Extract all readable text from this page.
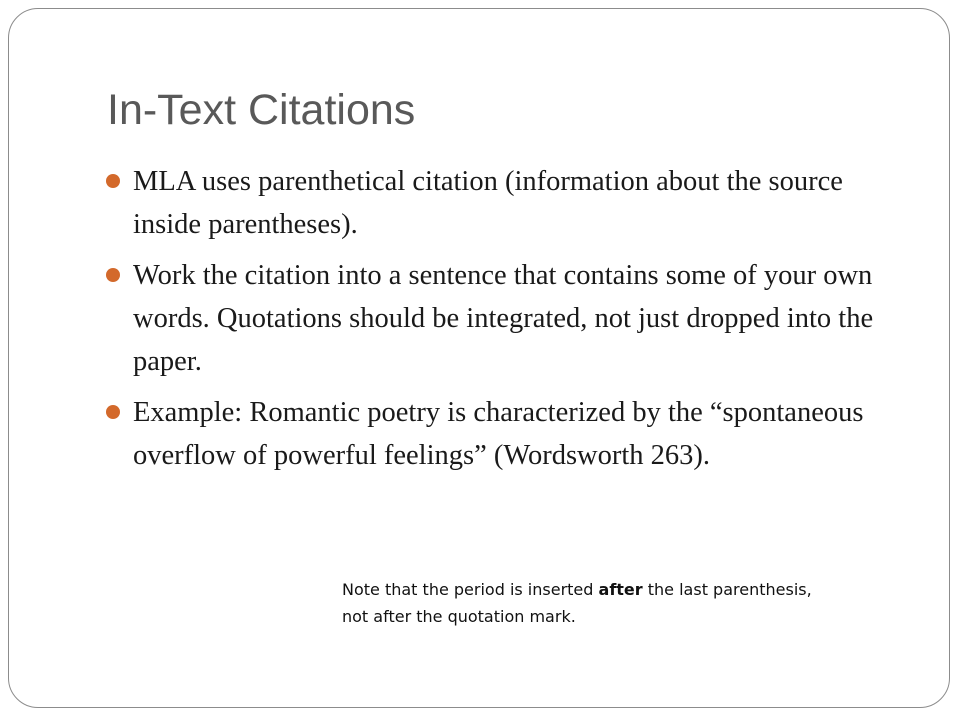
In-Text Citations
MLA uses parenthetical citation (information about the source inside parentheses).
Work the citation into a sentence that contains some of your own words. Quotations should be integrated, not just dropped into the paper.
Example: Romantic poetry is characterized by the “spontaneous overflow of powerful feelings” (Wordsworth 263).

Note that the period is inserted after the last parenthesis, not after the quotation mark.
